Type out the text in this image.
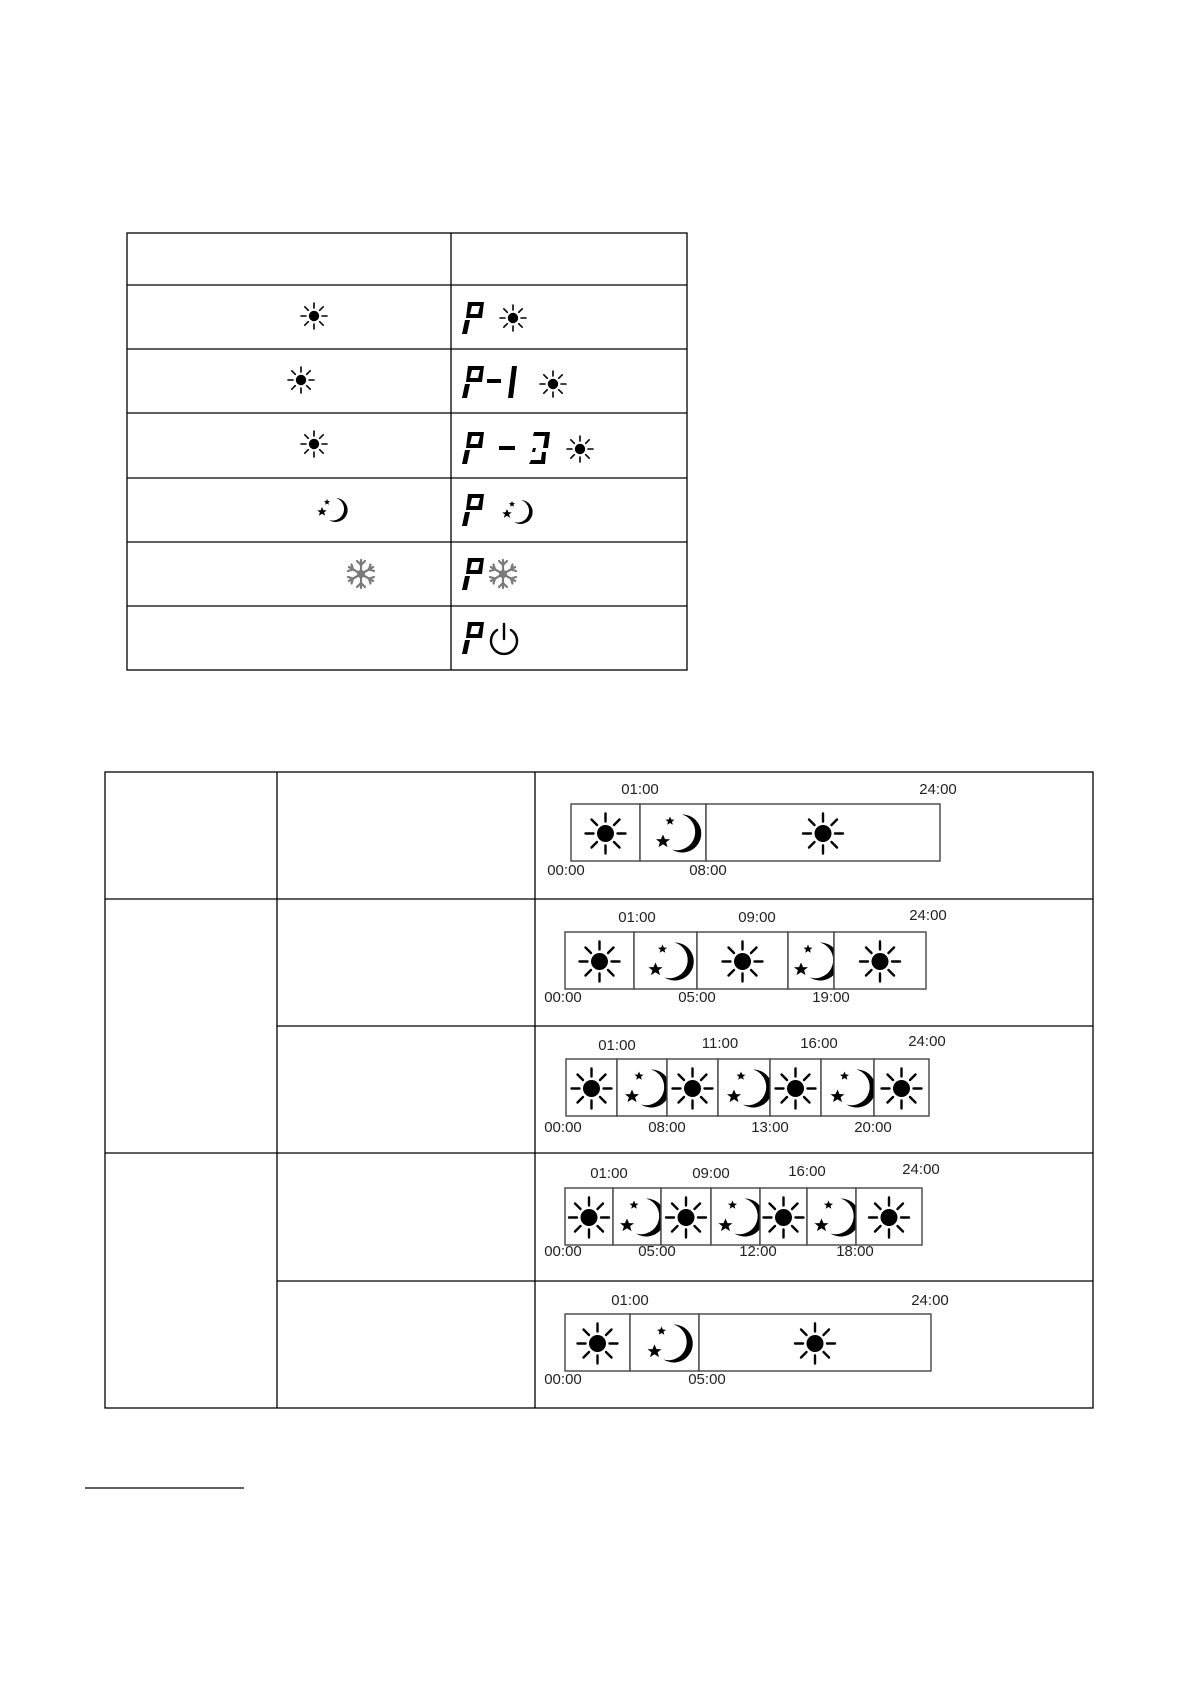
01:00	24:00
00:00	08:00
01:00	09:00	24:00
00:00	05:00	19:00
01:00	11:00	16:00	24:00
00:00	08:00	13:00	20:00
01:00	09:00	16:00	24:00
00:00	05:00	12:00	18:00
01:00	24:00
00:00	05:00
